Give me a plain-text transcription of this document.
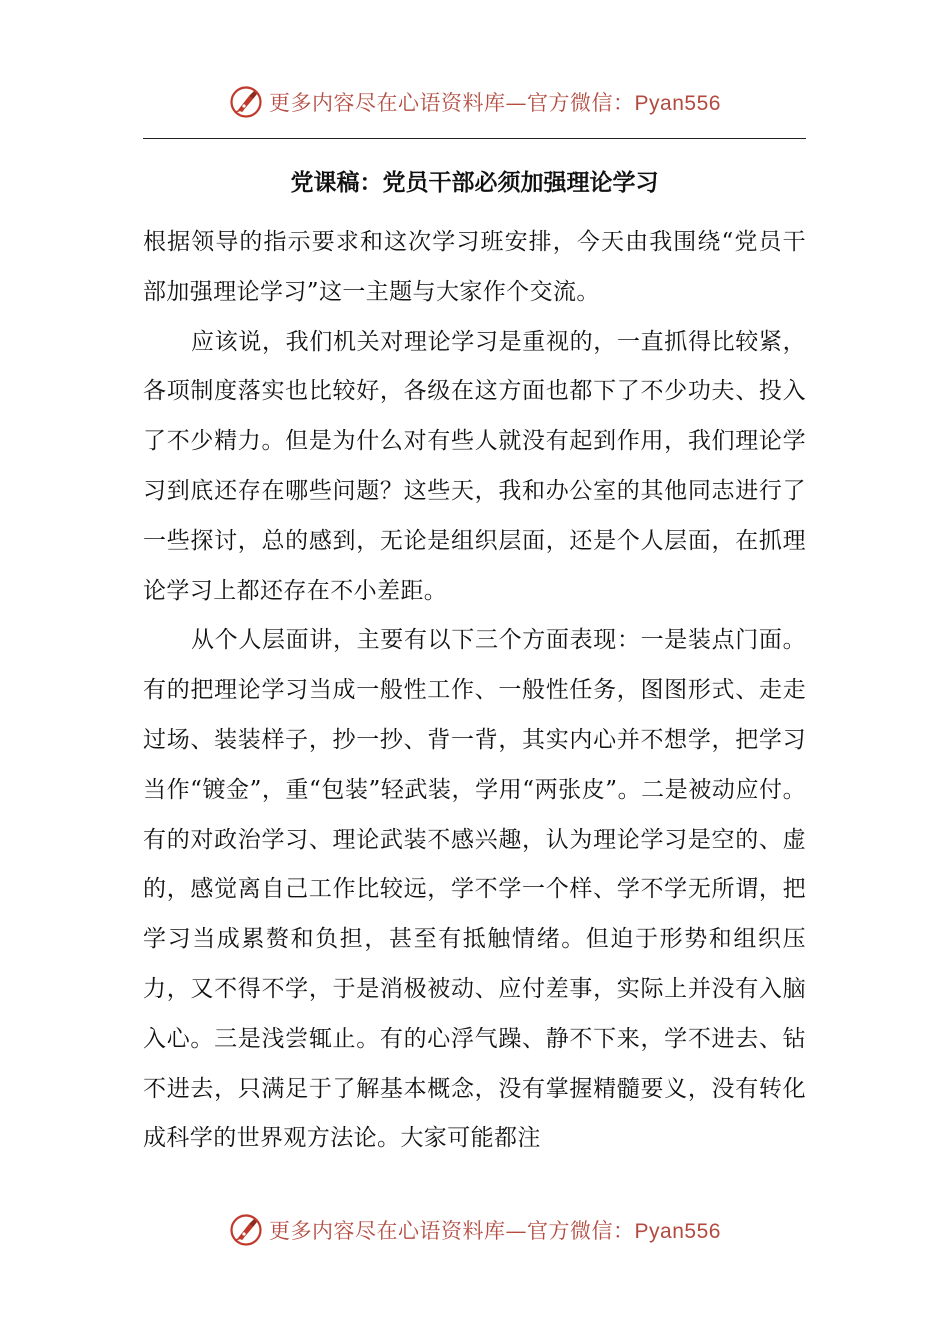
更多内容尽在心语资料库—官方微信：Pyan556
党课稿：党员干部必须加强理论学习

根据领导的指示要求和这次学习班安排，今天由我围绕“党员干部加强理论学习”这一主题与大家作个交流。

应该说，我们机关对理论学习是重视的，一直抓得比较紧，各项制度落实也比较好，各级在这方面也都下了不少功夫、投入了不少精力。但是为什么对有些人就没有起到作用，我们理论学习到底还存在哪些问题？这些天，我和办公室的其他同志进行了一些探讨，总的感到，无论是组织层面，还是个人层面，在抓理论学习上都还存在不小差距。

从个人层面讲，主要有以下三个方面表现：一是装点门面。有的把理论学习当成一般性工作、一般性任务，图图形式、走走过场、装装样子，抄一抄、背一背，其实内心并不想学，把学习当作“镀金”，重“包装”轻武装，学用“两张皮”。二是被动应付。有的对政治学习、理论武装不感兴趣，认为理论学习是空的、虚的，感觉离自己工作比较远，学不学一个样、学不学无所谓，把学习当成累赘和负担，甚至有抵触情绪。但迫于形势和组织压力，又不得不学，于是消极被动、应付差事，实际上并没有入脑入心。三是浅尝辄止。有的心浮气躁、静不下来，学不进去、钻不进去，只满足于了解基本概念，没有掌握精髓要义，没有转化成科学的世界观方法论。大家可能都注

更多内容尽在心语资料库—官方微信：Pyan556
